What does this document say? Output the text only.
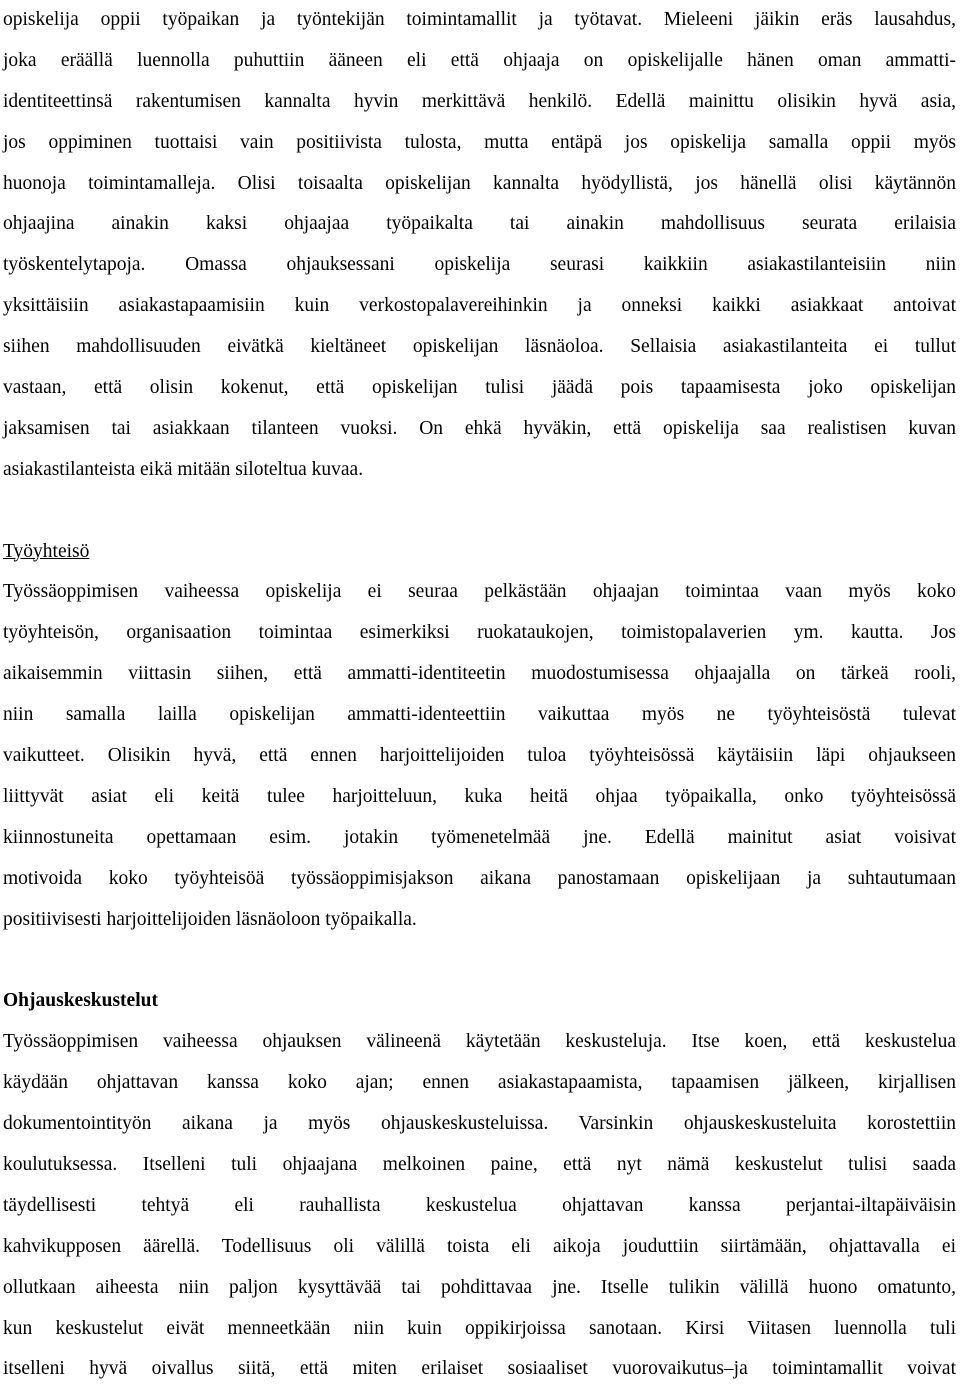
opiskelija oppii työpaikan ja työntekijän toimintamallit ja työtavat. Mieleeni jäikin eräs lausahdus,
joka eräällä luennolla puhuttiin ääneen eli että ohjaaja on opiskelijalle hänen oman ammatti-
identiteettinsä rakentumisen kannalta hyvin merkittävä henkilö. Edellä mainittu olisikin hyvä asia,
jos oppiminen tuottaisi vain positiivista tulosta, mutta entäpä jos opiskelija samalla oppii myös
huonoja toimintamalleja. Olisi toisaalta opiskelijan kannalta hyödyllistä, jos hänellä olisi käytännön
ohjaajina ainakin kaksi ohjaajaa työpaikalta tai ainakin mahdollisuus seurata erilaisia
työskentelytapoja. Omassa ohjauksessani opiskelija seurasi kaikkiin asiakastilanteisiin niin
yksittäisiin asiakastapaamisiin kuin verkostopalavereihinkin ja onneksi kaikki asiakkaat antoivat
siihen mahdollisuuden eivätkä kieltäneet opiskelijan läsnäoloa. Sellaisia asiakastilanteita ei tullut
vastaan, että olisin kokenut, että opiskelijan tulisi jäädä pois tapaamisesta joko opiskelijan
jaksamisen tai asiakkaan tilanteen vuoksi. On ehkä hyväkin, että opiskelija saa realistisen kuvan
asiakastilanteista eikä mitään siloteltua kuvaa.
Työyhteisö
Työssäoppimisen vaiheessa opiskelija ei seuraa pelkästään ohjaajan toimintaa vaan myös koko
työyhteisön, organisaation toimintaa esimerkiksi ruokataukojen, toimistopalaverien ym. kautta. Jos
aikaisemmin viittasin siihen, että ammatti-identiteetin muodostumisessa ohjaajalla on tärkeä rooli,
niin samalla lailla opiskelijan ammatti-identeettiin vaikuttaa myös ne työyhteisöstä tulevat
vaikutteet. Olisikin hyvä, että ennen harjoittelijoiden tuloa työyhteisössä käytäisiin läpi ohjaukseen
liittyvät asiat eli keitä tulee harjoitteluun, kuka heitä ohjaa työpaikalla, onko työyhteisössä
kiinnostuneita opettamaan esim. jotakin työmenetelmää jne. Edellä mainitut asiat voisivat
motivoida koko työyhteisöä työssäoppimisjakson aikana panostamaan opiskelijaan ja suhtautumaan
positiivisesti harjoittelijoiden läsnäoloon työpaikalla.
Ohjauskeskustelut
Työssäoppimisen vaiheessa ohjauksen välineenä käytetään keskusteluja. Itse koen, että keskustelua
käydään ohjattavan kanssa koko ajan; ennen asiakastapaamista, tapaamisen jälkeen, kirjallisen
dokumentointityön aikana ja myös ohjauskeskusteluissa. Varsinkin ohjauskeskusteluita korostettiin
koulutuksessa. Itselleni tuli ohjaajana melkoinen paine, että nyt nämä keskustelut tulisi saada
täydellisesti tehtyä eli rauhallista keskustelua ohjattavan kanssa perjantai-iltapäiväisin
kahvikupposen äärellä. Todellisuus oli välillä toista eli aikoja jouduttiin siirtämään, ohjattavalla ei
ollutkaan aiheesta niin paljon kysyttävää tai pohdittavaa jne. Itselle tulikin välillä huono omatunto,
kun keskustelut eivät menneetkään niin kuin oppikirjoissa sanotaan. Kirsi Viitasen luennolla tuli
itselleni hyvä oivallus siitä, että miten erilaiset sosiaaliset vuorovaikutus–ja toimintamallit voivat
